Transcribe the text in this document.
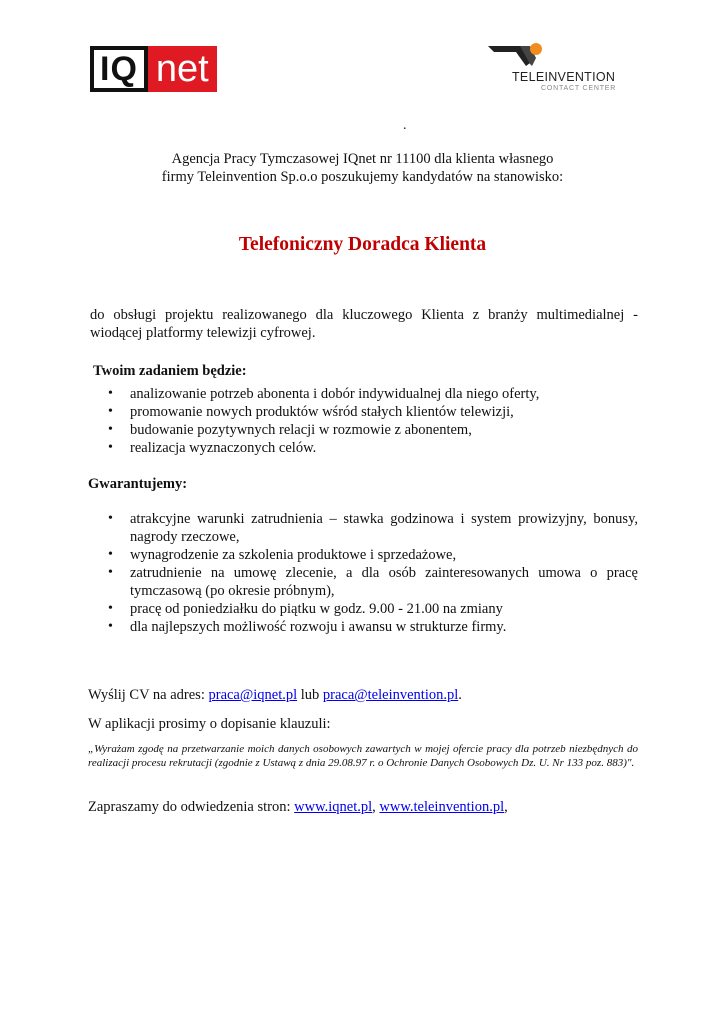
IQ net	TELEINVENTION
CONTACT CENTER
.
Agencja Pracy Tymczasowej IQnet nr 11100 dla klienta własnego
firmy Teleinvention Sp.o.o poszukujemy kandydatów na stanowisko:
Telefoniczny Doradca Klienta
do obsługi projektu realizowanego dla kluczowego Klienta z branży multimedialnej - wiodącej platformy telewizji cyfrowej.
Twoim zadaniem będzie:
• analizowanie potrzeb abonenta i dobór indywidualnej dla niego oferty,
• promowanie nowych produktów wśród stałych klientów telewizji,
• budowanie pozytywnych relacji w rozmowie z abonentem,
• realizacja wyznaczonych celów.
Gwarantujemy:
• atrakcyjne warunki zatrudnienia – stawka godzinowa i system prowizyjny, bonusy, nagrody rzeczowe,
• wynagrodzenie za szkolenia produktowe i sprzedażowe,
• zatrudnienie na umowę zlecenie, a dla osób zainteresowanych umowa o pracę tymczasową (po okresie próbnym),
• pracę od poniedziałku do piątku w godz. 9.00 - 21.00 na zmiany
• dla najlepszych możliwość rozwoju i awansu w strukturze firmy.
Wyślij CV na adres: praca@iqnet.pl lub praca@teleinvention.pl.
W aplikacji prosimy o dopisanie klauzuli:
„Wyrażam zgodę na przetwarzanie moich danych osobowych zawartych w mojej ofercie pracy dla potrzeb niezbędnych do realizacji procesu rekrutacji (zgodnie z Ustawą z dnia 29.08.97 r. o Ochronie Danych Osobowych Dz. U. Nr 133 poz. 883)".
Zapraszamy do odwiedzenia stron: www.iqnet.pl, www.teleinvention.pl,
